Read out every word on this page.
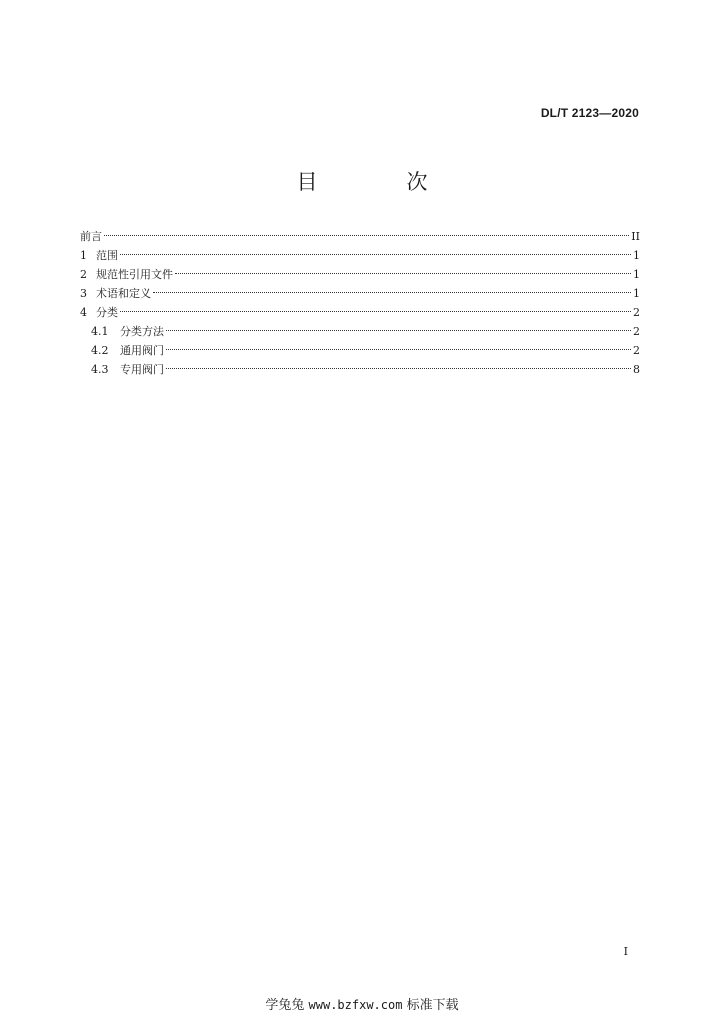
DL/T 2123—2020
目　次
前言	II
1 范围	1
2 规范性引用文件	1
3 术语和定义	1
4 分类	2
4.1	分类方法	2
4.2	通用阀门	2
4.3	专用阀门	8
I
学兔兔 www.bzfxw.com 标准下载
